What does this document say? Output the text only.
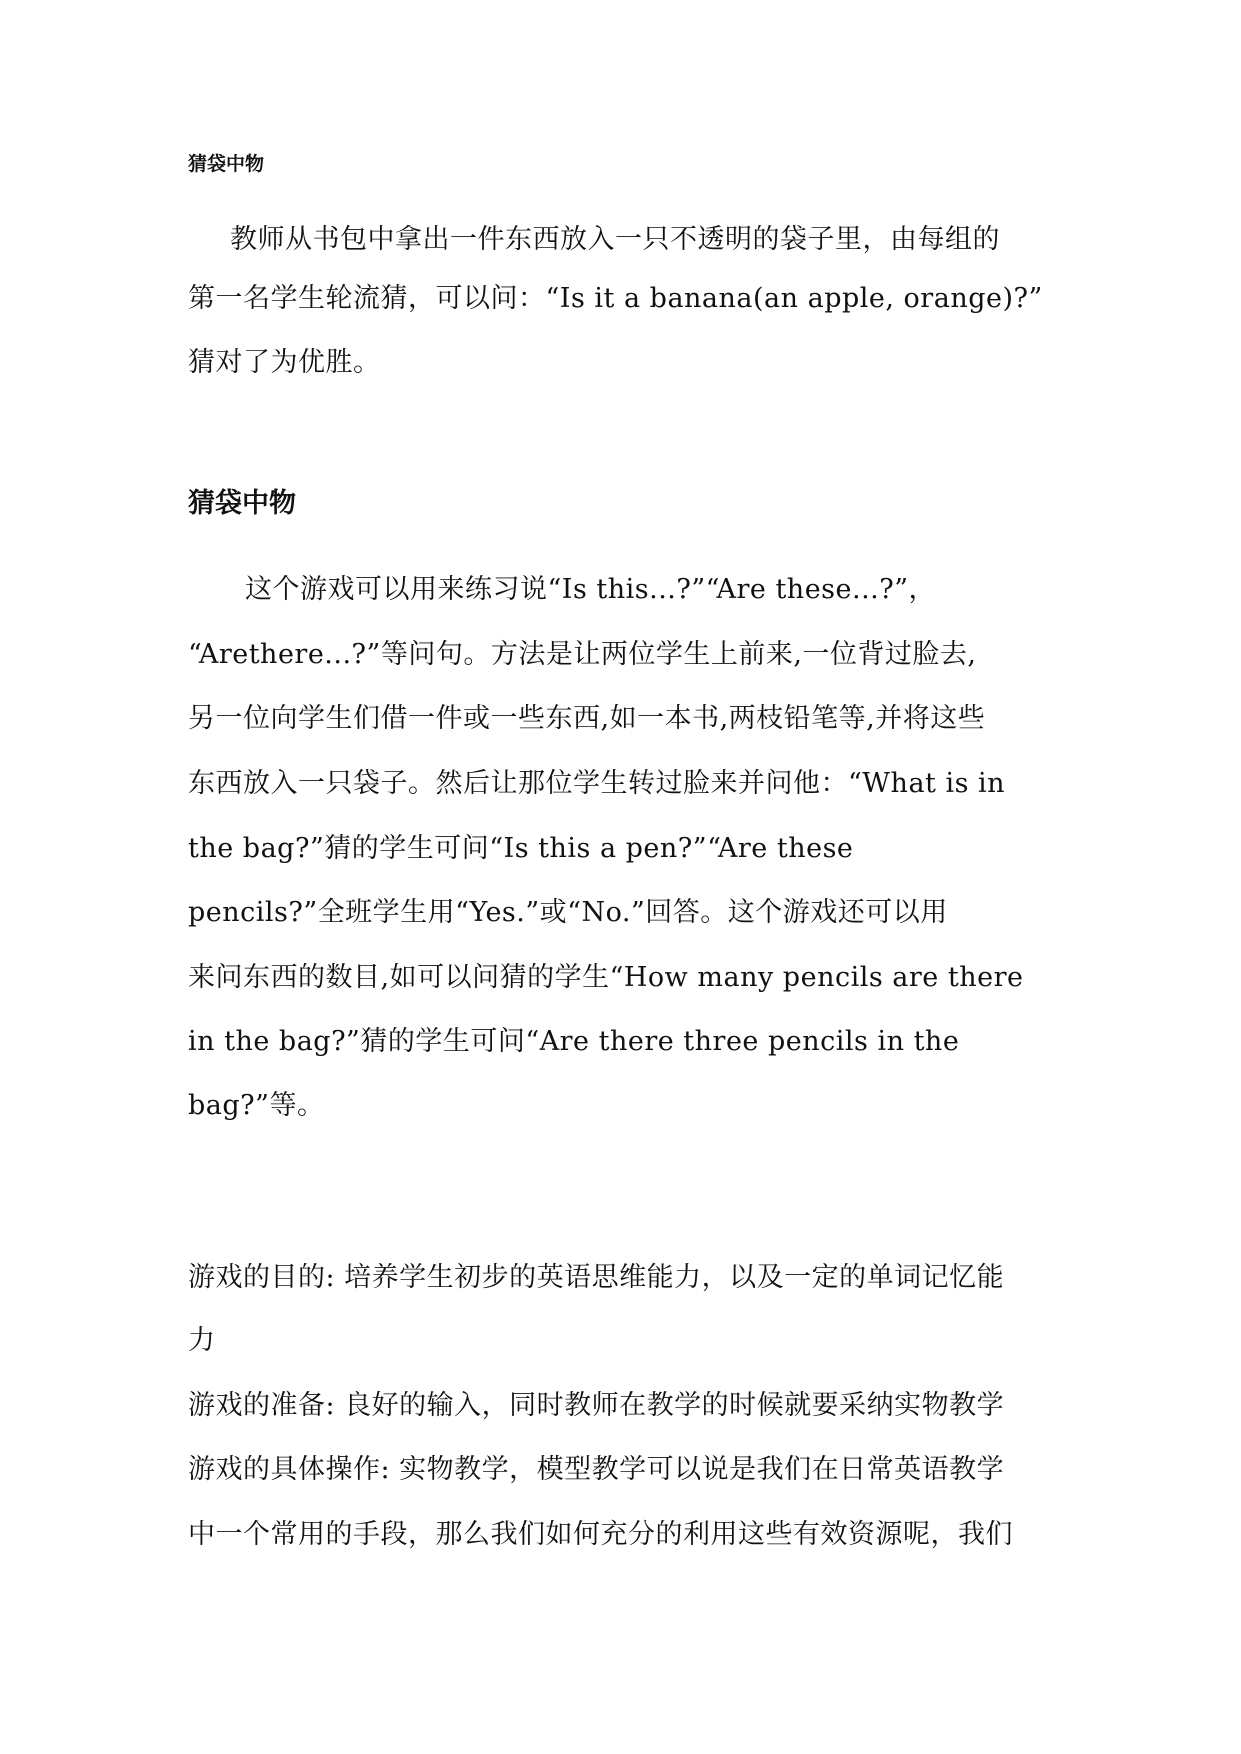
猜袋中物
教师从书包中拿出一件东西放入一只不透明的袋子里，由每组的
第一名学生轮流猜，可以问：“Is it a banana(an apple, orange)?”
猜对了为优胜。
猜袋中物
这个游戏可以用来练习说“Is this...?”“Are these...?”，
“Arethere...?”等问句。方法是让两位学生上前来,一位背过脸去,
另一位向学生们借一件或一些东西,如一本书,两枝铅笔等,并将这些
东西放入一只袋子。然后让那位学生转过脸来并问他：“What is in
the bag?”猜的学生可问“Is this a pen?”“Are these
pencils?”全班学生用“Yes.”或“No.”回答。这个游戏还可以用
来问东西的数目,如可以问猜的学生“How many pencils are there
in the bag?”猜的学生可问“Are there three pencils in the
bag?”等。
游戏的目的: 培养学生初步的英语思维能力，以及一定的单词记忆能
力
游戏的准备: 良好的输入，同时教师在教学的时候就要采纳实物教学
游戏的具体操作: 实物教学，模型教学可以说是我们在日常英语教学
中一个常用的手段，那么我们如何充分的利用这些有效资源呢，我们
